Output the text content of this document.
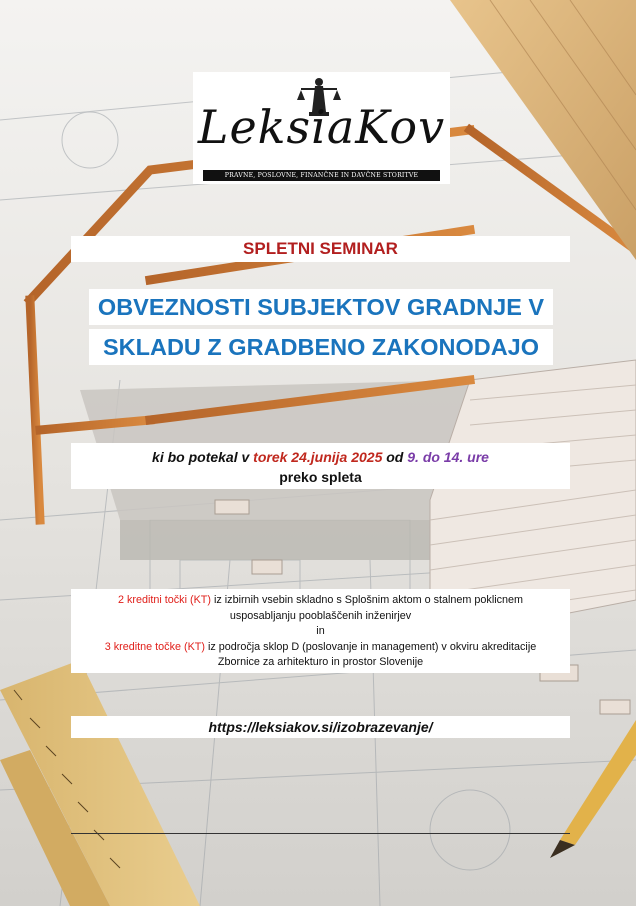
LeksiaKov
PRAVNE, POSLOVNE, FINANČNE IN DAVČNE STORITVE
SPLETNI SEMINAR
OBVEZNOSTI SUBJEKTOV GRADNJE V
SKLADU Z GRADBENO ZAKONODAJO
ki bo potekal v torek 24.junija 2025 od 9. do 14. ure
preko spleta
2 kreditni točki (KT) iz izbirnih vsebin skladno s Splošnim aktom o stalnem poklicnem
usposabljanju pooblaščenih inženirjev
in
3 kreditne točke (KT) iz področja sklop D (poslovanje in management) v okviru akreditacije
Zbornice za arhitekturo in prostor Slovenije
https://leksiakov.si/izobrazevanje/
